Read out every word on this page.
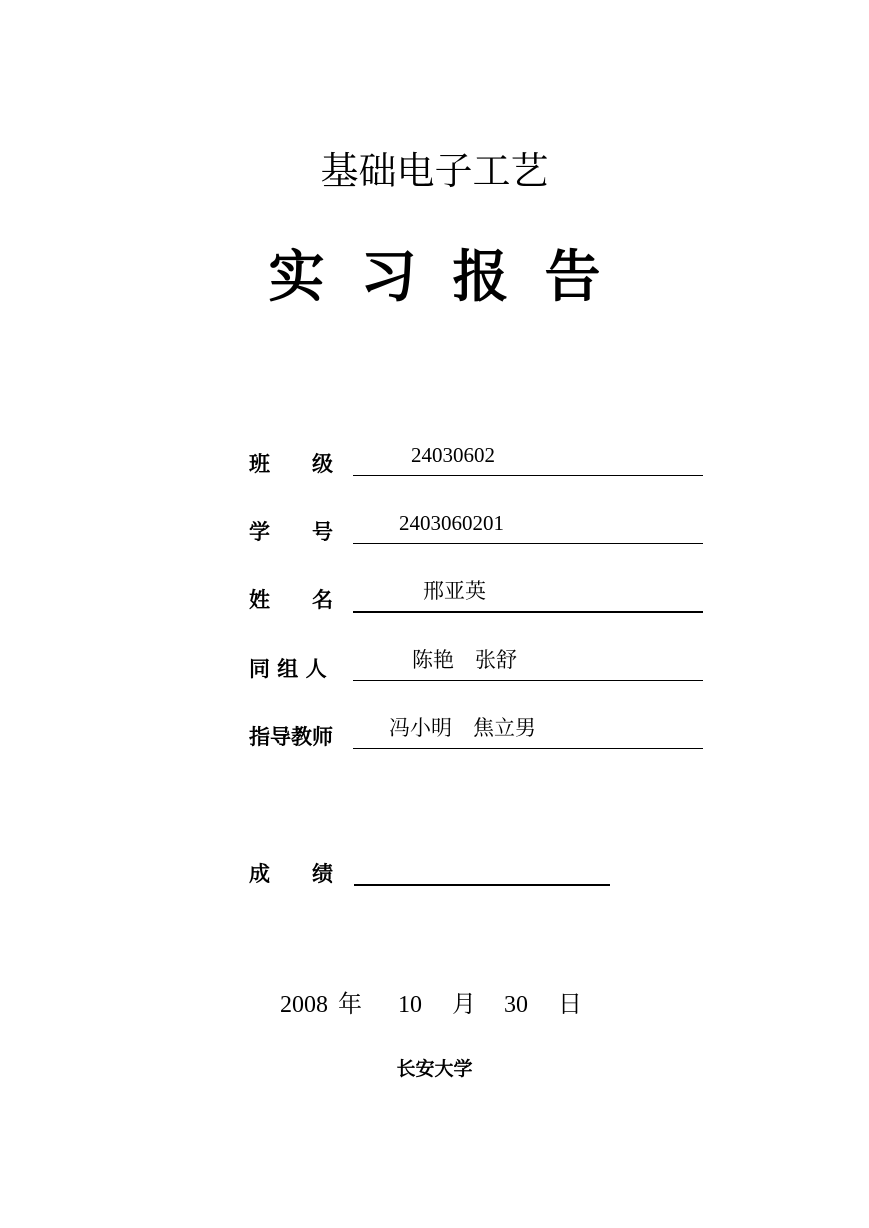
基础电子工艺
实习报告
班　　级	24030602
学　　号	2403060201
姓　　名	邢亚英
同 组 人	陈艳　张舒
指导教师	冯小明　焦立男
成　　绩
2008 年 10 月 30 日
长安大学
